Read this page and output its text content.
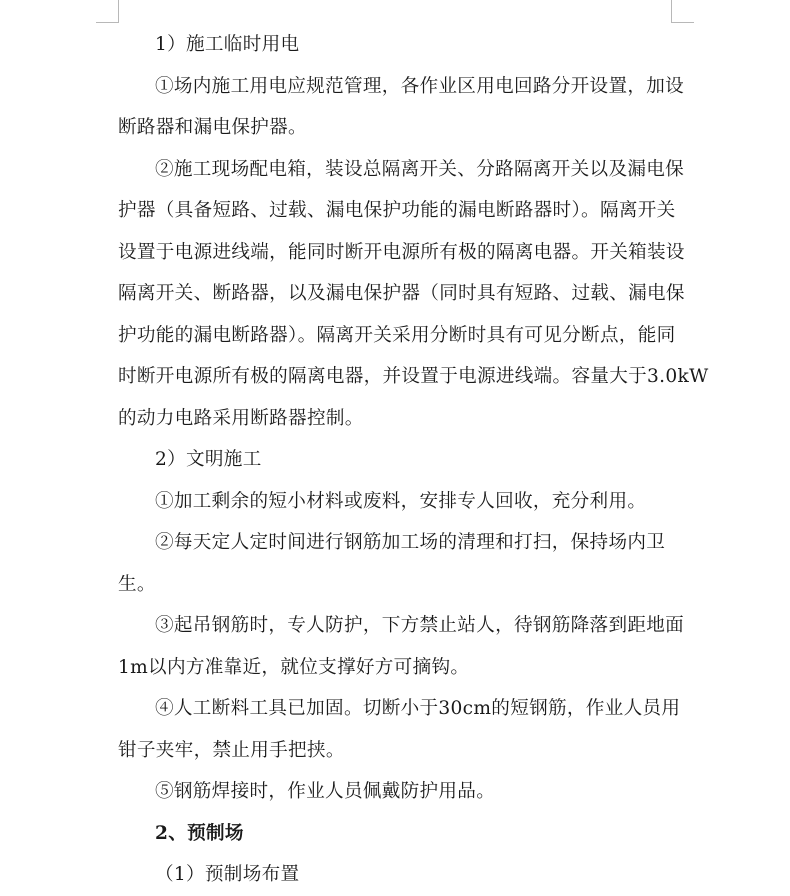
1）施工临时用电
①场内施工用电应规范管理，各作业区用电回路分开设置，加设
断路器和漏电保护器。
②施工现场配电箱，装设总隔离开关、分路隔离开关以及漏电保
护器（具备短路、过载、漏电保护功能的漏电断路器时）。隔离开关
设置于电源进线端，能同时断开电源所有极的隔离电器。开关箱装设
隔离开关、断路器，以及漏电保护器（同时具有短路、过载、漏电保
护功能的漏电断路器）。隔离开关采用分断时具有可见分断点，能同
时断开电源所有极的隔离电器，并设置于电源进线端。容量大于3.0kW
的动力电路采用断路器控制。
2）文明施工
①加工剩余的短小材料或废料，安排专人回收，充分利用。
②每天定人定时间进行钢筋加工场的清理和打扫，保持场内卫
生。
③起吊钢筋时，专人防护，下方禁止站人，待钢筋降落到距地面
1m以内方准靠近，就位支撑好方可摘钩。
④人工断料工具已加固。切断小于30cm的短钢筋，作业人员用
钳子夹牢，禁止用手把挟。
⑤钢筋焊接时，作业人员佩戴防护用品。
2、预制场
（1）预制场布置
